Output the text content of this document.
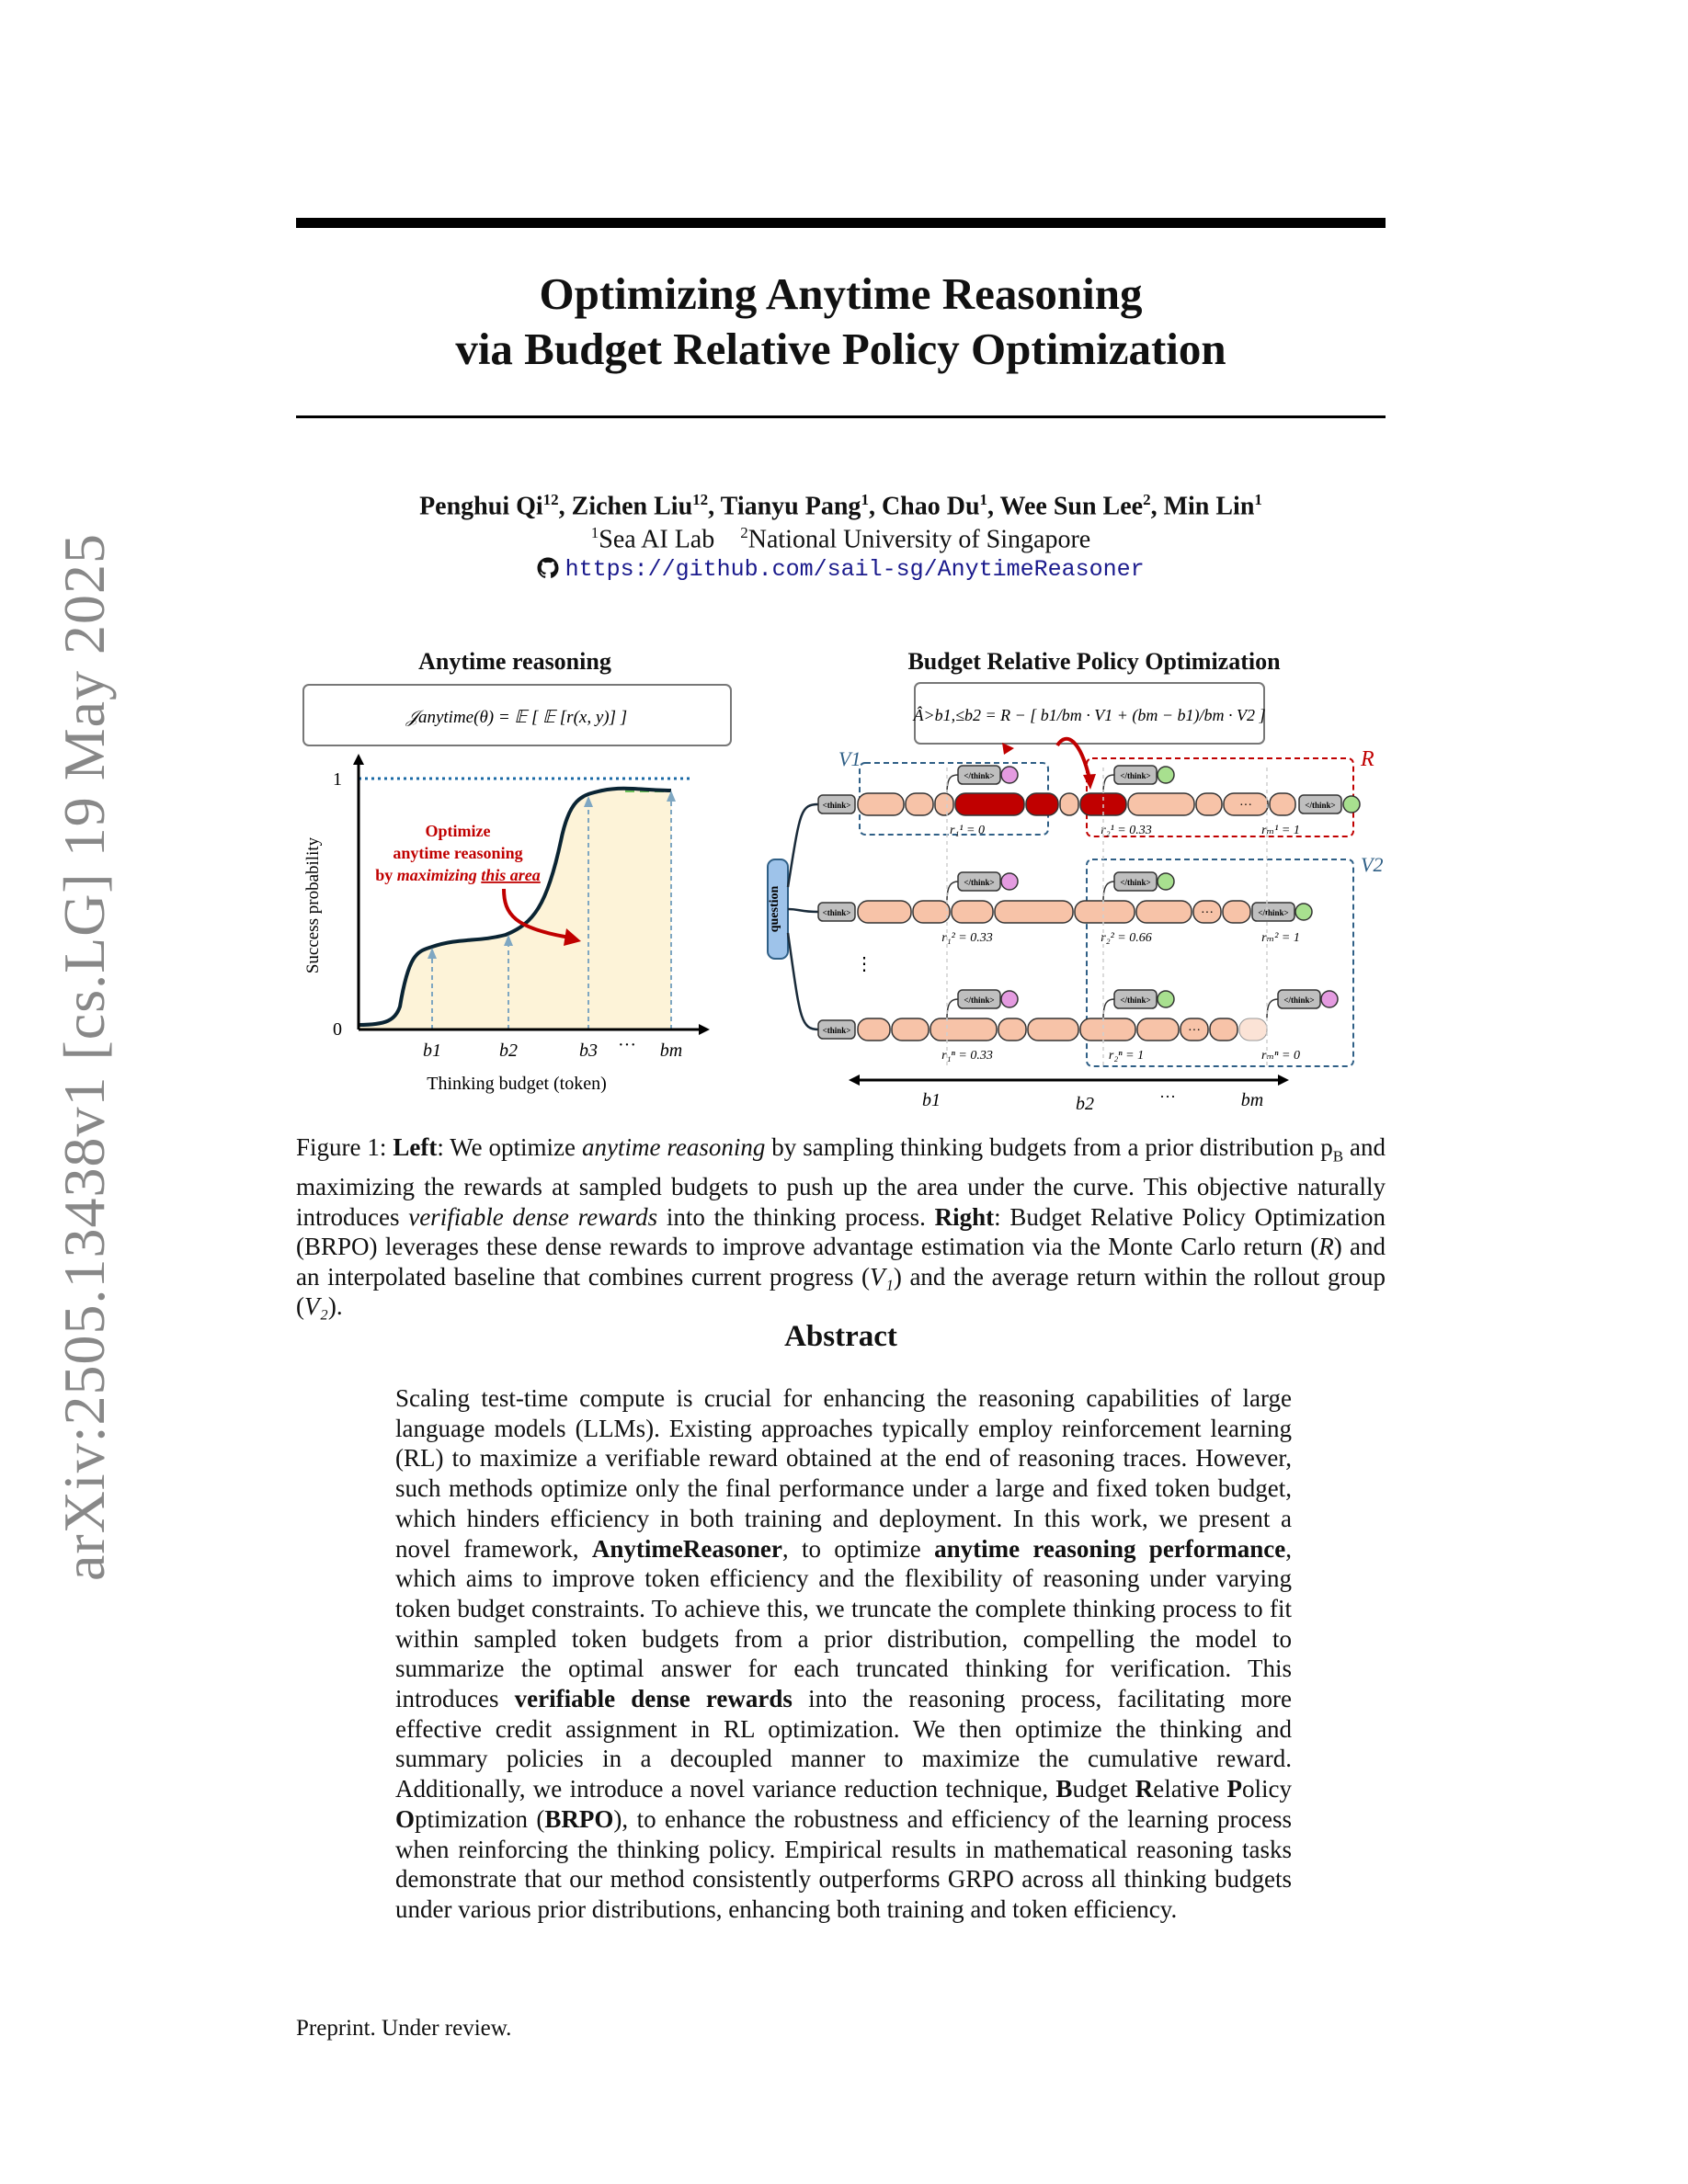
arXiv:2505.13438v1 [cs.LG] 19 May 2025
Optimizing Anytime Reasoning
via Budget Relative Policy Optimization
Penghui Qi$^{12}$, Zichen Liu$^{12}$, Tianyu Pang$^1$, Chao Du$^1$, Wee Sun Lee$^2$, Min Lin$^1$
$^1$Sea AI Lab $^2$National University of Singapore
https://github.com/sail-sg/AnytimeReasoner
Anytime reasoning	Budget Relative Policy Optimization
𝒥anytime(θ) = 𝔼 [ 𝔼 [r(x, y)] ]
1
0
Success probability
b1	b2	b3 ··· bm
Thinking budget (token)
Optimize
anytime reasoning
by maximizing this area
Â>b1,≤b2 = R − [ b1/bm · V1 + (bm − b1)/bm · V2 ]
question
⋮
V1	R
V2
<think>	···	</think>
</think>	</think>
r₁¹ = 0	r₂¹ = 0.33	rₘ¹ = 1
<think>	···	</think>
</think>	</think>
r₁² = 0.33	r₂² = 0.66	rₘ² = 1
<think>	···
</think>	</think>	</think>
r₁ⁿ = 0.33	r₂ⁿ = 1	rₘⁿ = 0
b1	b2	···	bm
Figure 1: Left: We optimize anytime reasoning by sampling thinking budgets from a prior distribution $p_B$ and maximizing the rewards at sampled budgets to push up the area under the curve. This objective naturally introduces verifiable dense rewards into the thinking process. Right: Budget Relative Policy Optimization (BRPO) leverages these dense rewards to improve advantage estimation via the Monte Carlo return (R) and an interpolated baseline that combines current progress (V₁) and the average return within the rollout group (V₂).
Abstract
Scaling test-time compute is crucial for enhancing the reasoning capabilities of large language models (LLMs). Existing approaches typically employ reinforcement learning (RL) to maximize a verifiable reward obtained at the end of reasoning traces. However, such methods optimize only the final performance under a large and fixed token budget, which hinders efficiency in both training and deployment. In this work, we present a novel framework, AnytimeReasoner, to optimize anytime reasoning performance, which aims to improve token efficiency and the flexibility of reasoning under varying token budget constraints. To achieve this, we truncate the complete thinking process to fit within sampled token budgets from a prior distribution, compelling the model to summarize the optimal answer for each truncated thinking for verification. This introduces verifiable dense rewards into the reasoning process, facilitating more effective credit assignment in RL optimization. We then optimize the thinking and summary policies in a decoupled manner to maximize the cumulative reward. Additionally, we introduce a novel variance reduction technique, Budget Relative Policy Optimization (BRPO), to enhance the robustness and efficiency of the learning process when reinforcing the thinking policy. Empirical results in mathematical reasoning tasks demonstrate that our method consistently outperforms GRPO across all thinking budgets under various prior distributions, enhancing both training and token efficiency.
Preprint. Under review.
